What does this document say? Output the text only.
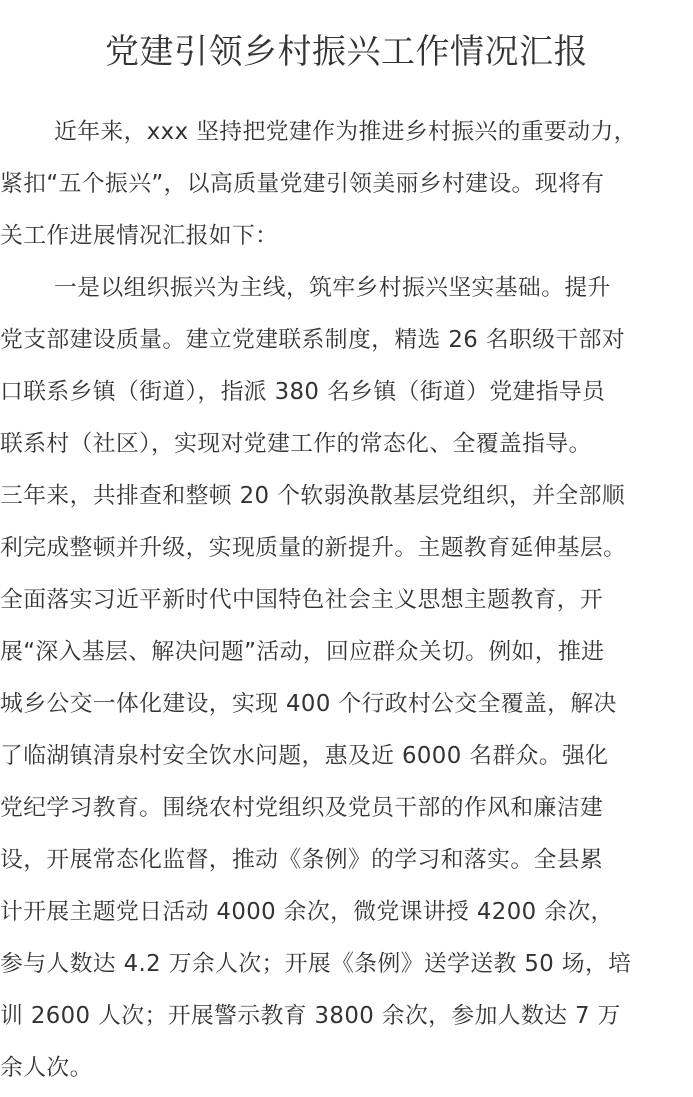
党建引领乡村振兴工作情况汇报
近年来，xxx 坚持把党建作为推进乡村振兴的重要动力，
紧扣“五个振兴”，以高质量党建引领美丽乡村建设。现将有
关工作进展情况汇报如下：
一是以组织振兴为主线，筑牢乡村振兴坚实基础。提升
党支部建设质量。建立党建联系制度，精选 26 名职级干部对
口联系乡镇（街道），指派 380 名乡镇（街道）党建指导员
联系村（社区），实现对党建工作的常态化、全覆盖指导。
三年来，共排查和整顿 20 个软弱涣散基层党组织，并全部顺
利完成整顿并升级，实现质量的新提升。主题教育延伸基层。
全面落实习近平新时代中国特色社会主义思想主题教育，开
展“深入基层、解决问题”活动，回应群众关切。例如，推进
城乡公交一体化建设，实现 400 个行政村公交全覆盖，解决
了临湖镇清泉村安全饮水问题，惠及近 6000 名群众。强化
党纪学习教育。围绕农村党组织及党员干部的作风和廉洁建
设，开展常态化监督，推动《条例》的学习和落实。全县累
计开展主题党日活动 4000 余次，微党课讲授 4200 余次，
参与人数达 4.2 万余人次；开展《条例》送学送教 50 场，培
训 2600 人次；开展警示教育 3800 余次，参加人数达 7 万
余人次。
